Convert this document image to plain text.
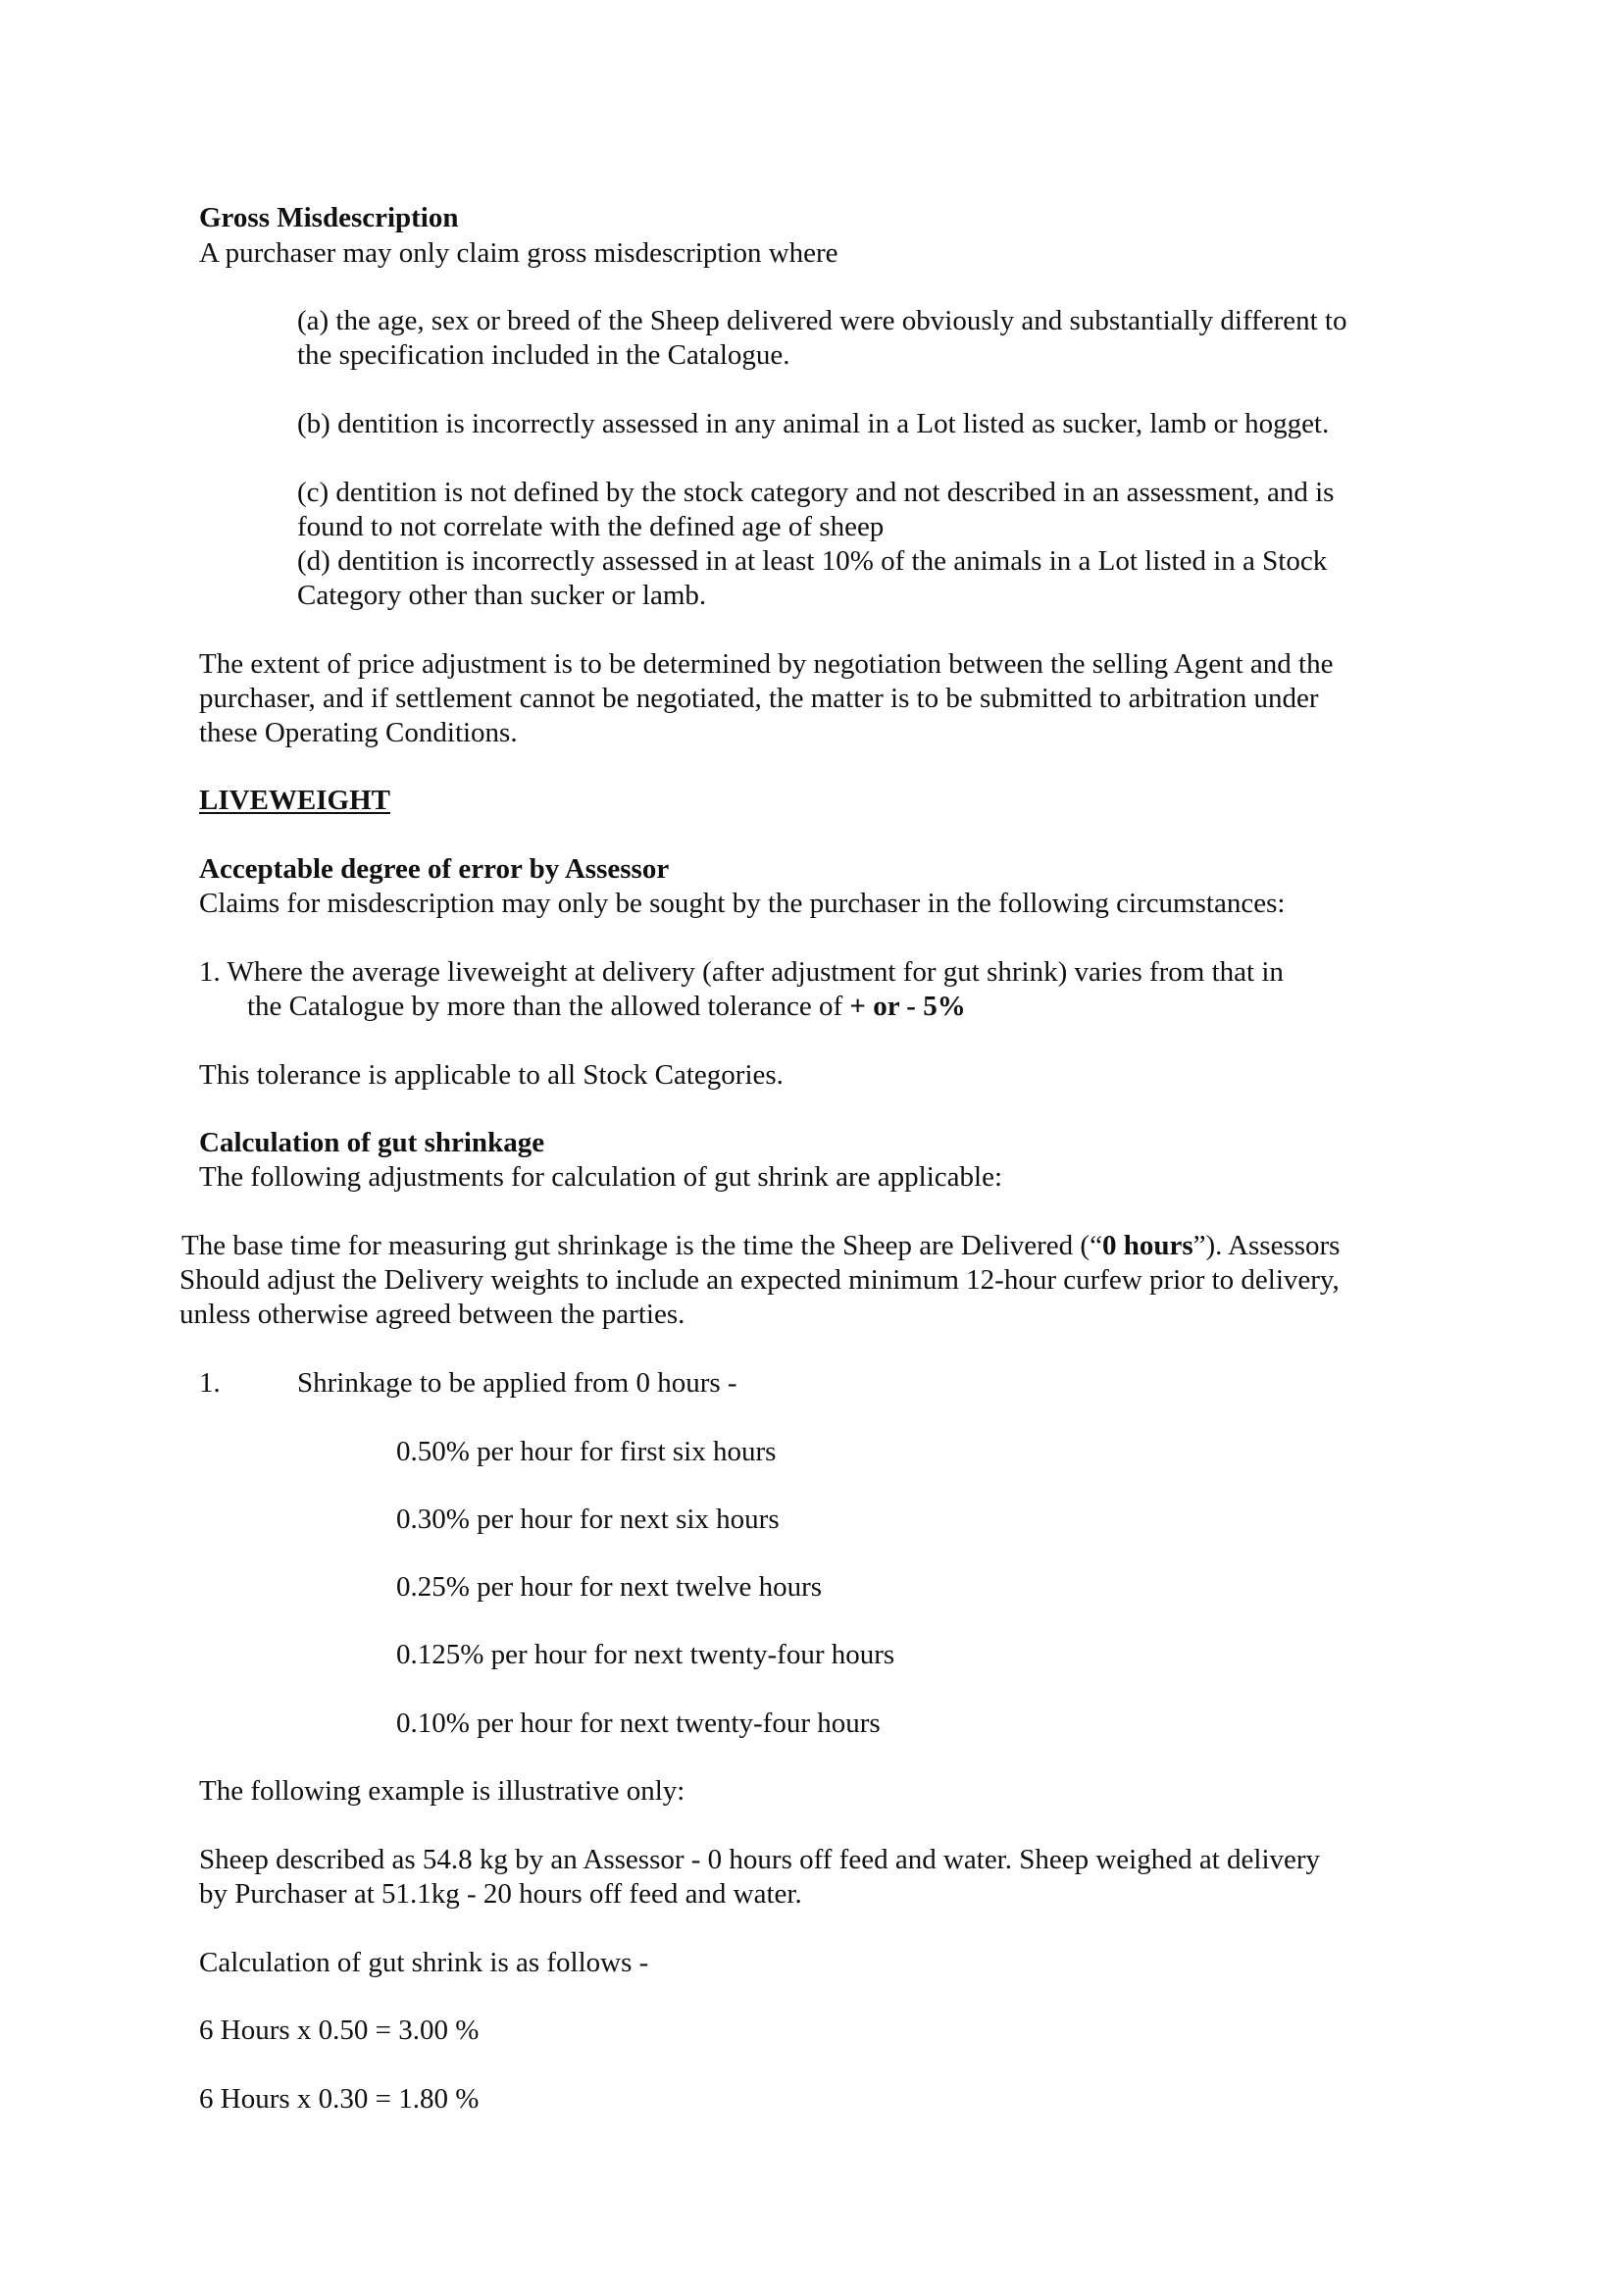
Gross Misdescription

A purchaser may only claim gross misdescription where

(a) the age, sex or breed of the Sheep delivered were obviously and substantially different to

the specification included in the Catalogue.

(b) dentition is incorrectly assessed in any animal in a Lot listed as sucker, lamb or hogget.

(c) dentition is not defined by the stock category and not described in an assessment, and is

found to not correlate with the defined age of sheep

(d) dentition is incorrectly assessed in at least 10% of the animals in a Lot listed in a Stock

Category other than sucker or lamb.

The extent of price adjustment is to be determined by negotiation between the selling Agent and the

purchaser, and if settlement cannot be negotiated, the matter is to be submitted to arbitration under

these Operating Conditions.

LIVEWEIGHT

Acceptable degree of error by Assessor

Claims for misdescription may only be sought by the purchaser in the following circumstances:

1. Where the average liveweight at delivery (after adjustment for gut shrink) varies from that in

the Catalogue by more than the allowed tolerance of + or - 5%

This tolerance is applicable to all Stock Categories.

Calculation of gut shrinkage

The following adjustments for calculation of gut shrink are applicable:

The base time for measuring gut shrinkage is the time the Sheep are Delivered (“0 hours”). Assessors

Should adjust the Delivery weights to include an expected minimum 12-hour curfew prior to delivery,

unless otherwise agreed between the parties.

1.	Shrinkage to be applied from 0 hours -

0.50% per hour for first six hours

0.30% per hour for next six hours

0.25% per hour for next twelve hours

0.125% per hour for next twenty-four hours

0.10% per hour for next twenty-four hours

The following example is illustrative only:

Sheep described as 54.8 kg by an Assessor - 0 hours off feed and water. Sheep weighed at delivery

by Purchaser at 51.1kg - 20 hours off feed and water.

Calculation of gut shrink is as follows -

6 Hours x 0.50 = 3.00 %

6 Hours x 0.30 = 1.80 %
